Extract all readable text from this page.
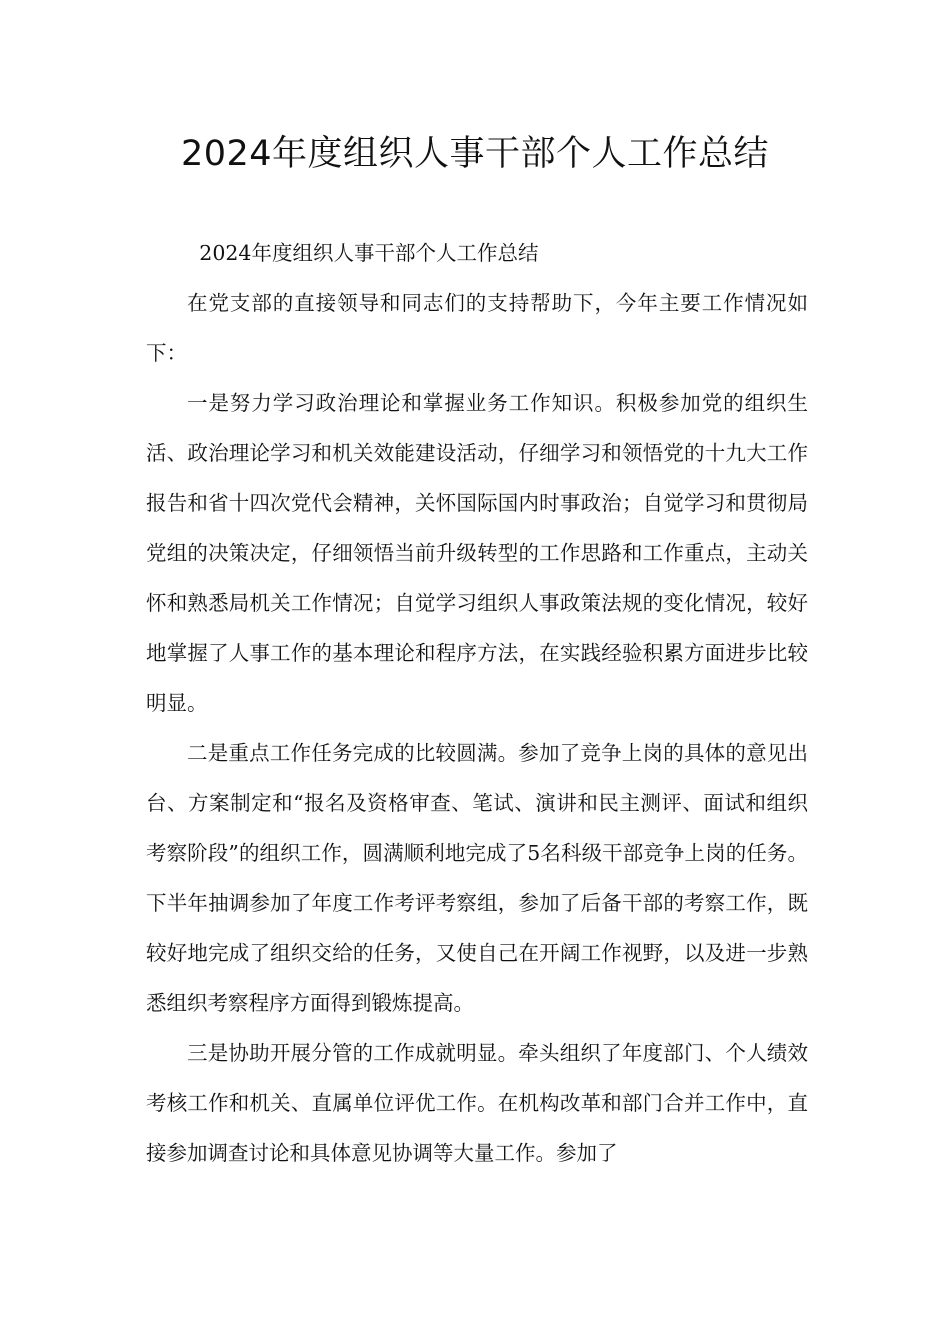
2024年度组织人事干部个人工作总结

2024年度组织人事干部个人工作总结

在党支部的直接领导和同志们的支持帮助下，今年主要工作情况如下：

一是努力学习政治理论和掌握业务工作知识。积极参加党的组织生活、政治理论学习和机关效能建设活动，仔细学习和领悟党的十九大工作报告和省十四次党代会精神，关怀国际国内时事政治；自觉学习和贯彻局党组的决策决定，仔细领悟当前升级转型的工作思路和工作重点，主动关怀和熟悉局机关工作情况；自觉学习组织人事政策法规的变化情况，较好地掌握了人事工作的基本理论和程序方法，在实践经验积累方面进步比较明显。

二是重点工作任务完成的比较圆满。参加了竞争上岗的具体的意见出台、方案制定和“报名及资格审查、笔试、演讲和民主测评、面试和组织考察阶段”的组织工作，圆满顺利地完成了5名科级干部竞争上岗的任务。下半年抽调参加了年度工作考评考察组，参加了后备干部的考察工作，既较好地完成了组织交给的任务，又使自己在开阔工作视野，以及进一步熟悉组织考察程序方面得到锻炼提高。

三是协助开展分管的工作成就明显。牵头组织了年度部门、个人绩效考核工作和机关、直属单位评优工作。在机构改革和部门合并工作中，直接参加调查讨论和具体意见协调等大量工作。参加了
